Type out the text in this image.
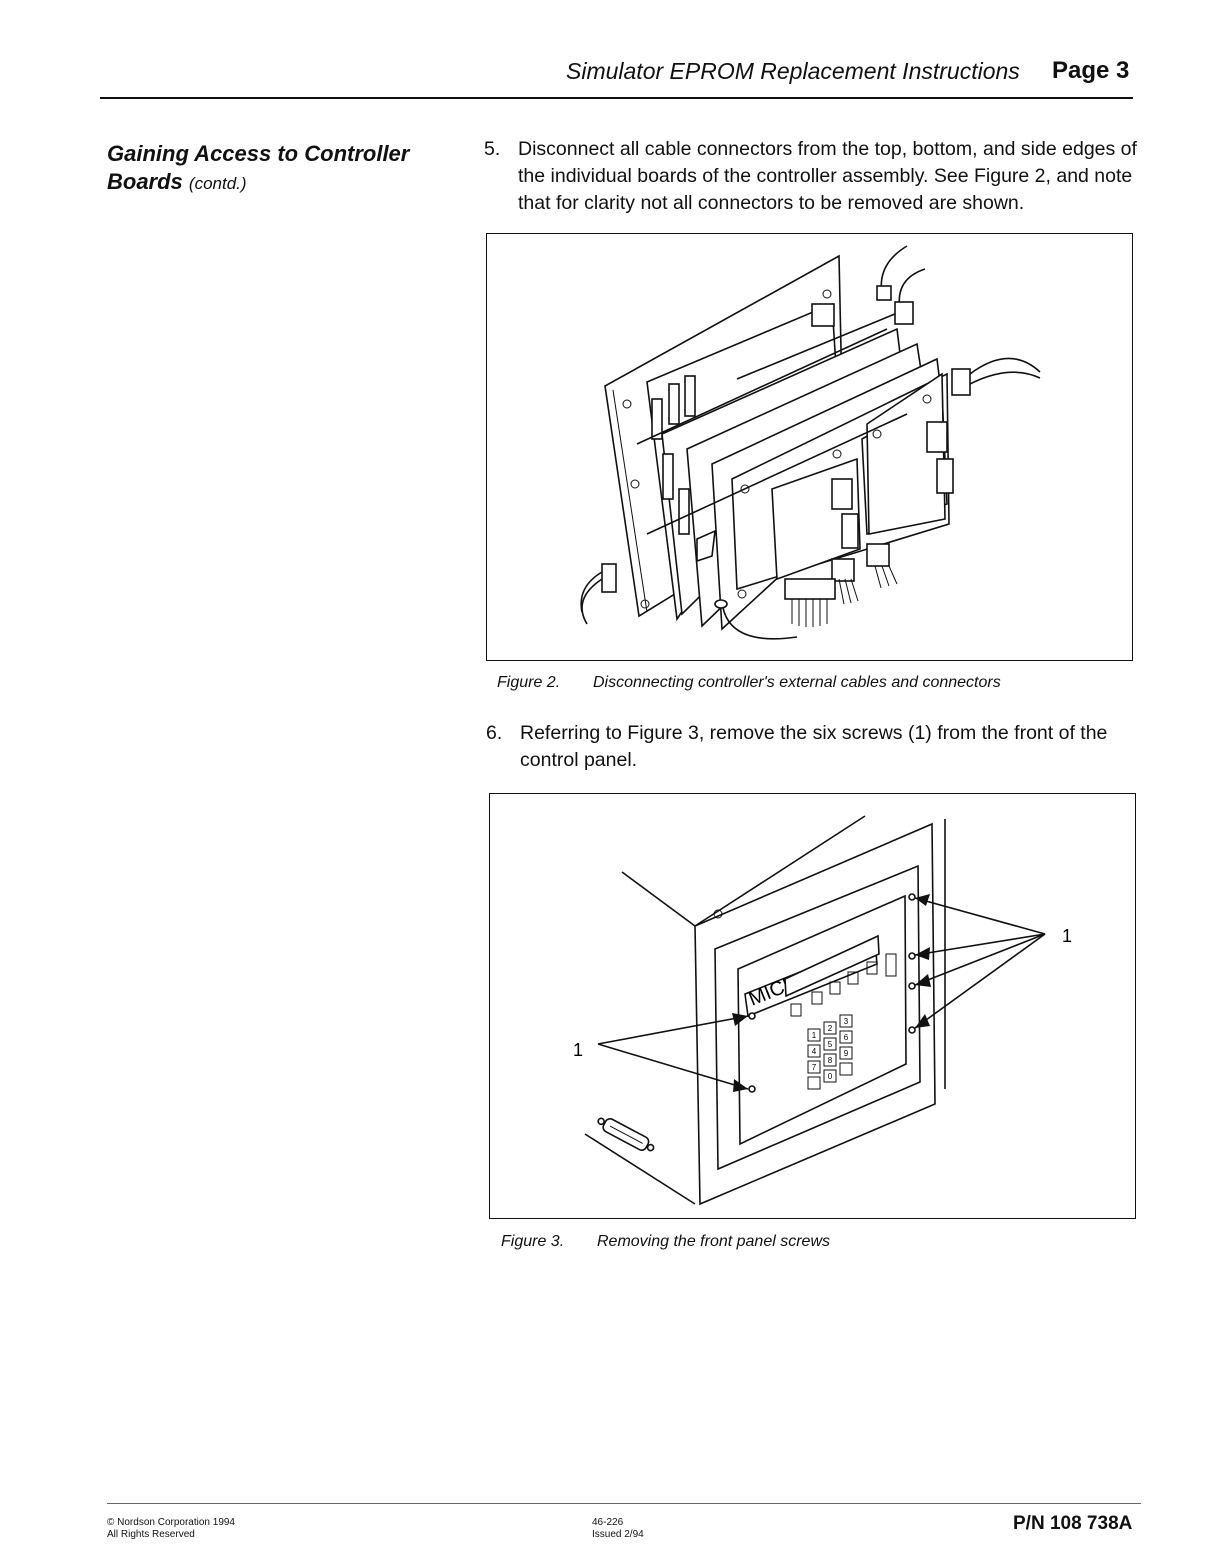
Simulator EPROM Replacement Instructions Page 3
Gaining Access to Controller Boards (contd.)
5. Disconnect all cable connectors from the top, bottom, and side edges of the individual boards of the controller assembly. See Figure 2, and note that for clarity not all connectors to be removed are shown.
Figure 2. Disconnecting controller's external cables and connectors
6. Referring to Figure 3, remove the six screws (1) from the front of the control panel.
1
2
3
4
5
6
7
8
9
0
1
1
Figure 3. Removing the front panel screws
© Nordson Corporation 1994
All Rights Reserved
46-226
Issued 2/94
P/N 108 738A
